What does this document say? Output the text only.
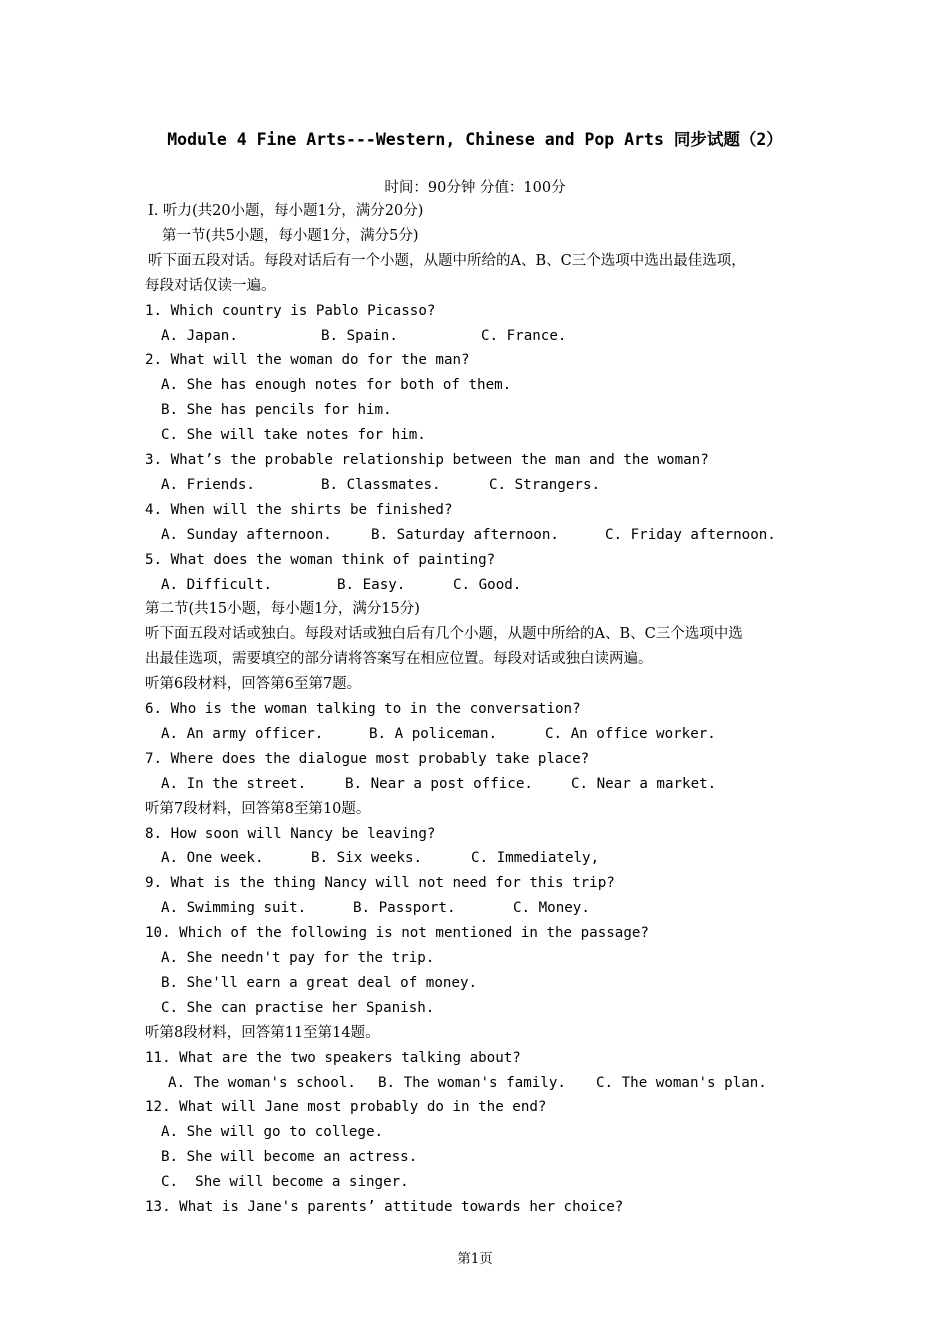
Module 4 Fine Arts---Western, Chinese and Pop Arts 同步试题（2）
时间：90分钟 分值：100分
Ⅰ. 听力(共20小题，每小题1分，满分20分)
第一节(共5小题，每小题1分，满分5分)
听下面五段对话。每段对话后有一个小题，从题中所给的A、B、C三个选项中选出最佳选项，
每段对话仅读一遍。
1. Which country is Pablo Picasso?
A. Japan.	B. Spain.	C. France.
2. What will the woman do for the man?
A. She has enough notes for both of them.
B. She has pencils for him.
C. She will take notes for him.
3. What’s the probable relationship between the man and the woman?
A. Friends.	B. Classmates.	C. Strangers.
4. When will the shirts be finished?
A. Sunday afternoon.	B. Saturday afternoon.	C. Friday afternoon.
5. What does the woman think of painting?
A. Difficult.	B. Easy.	C. Good.
第二节(共15小题，每小题1分，满分15分)
听下面五段对话或独白。每段对话或独白后有几个小题，从题中所给的A、B、C三个选项中选
出最佳选项，需要填空的部分请将答案写在相应位置。每段对话或独白读两遍。
听第6段材料，回答第6至第7题。
6. Who is the woman talking to in the conversation?
A. An army officer.	B. A policeman.	C. An office worker.
7. Where does the dialogue most probably take place?
A. In the street.	B. Near a post office.	C. Near a market.
听第7段材料，回答第8至第10题。
8. How soon will Nancy be leaving?
A. One week.	B. Six weeks.	C. Immediately,
9. What is the thing Nancy will not need for this trip?
A. Swimming suit.	B. Passport.	C. Money.
10. Which of the following is not mentioned in the passage?
A. She needn't pay for the trip.
B. She'll earn a great deal of money.
C. She can practise her Spanish.
听第8段材料，回答第11至第14题。
11. What are the two speakers talking about?
A. The woman's school. B. The woman's family. C. The woman's plan.
12. What will Jane most probably do in the end?
A. She will go to college.
B. She will become an actress.
C.  She will become a singer.
13. What is Jane's parents’ attitude towards her choice?
第1页
